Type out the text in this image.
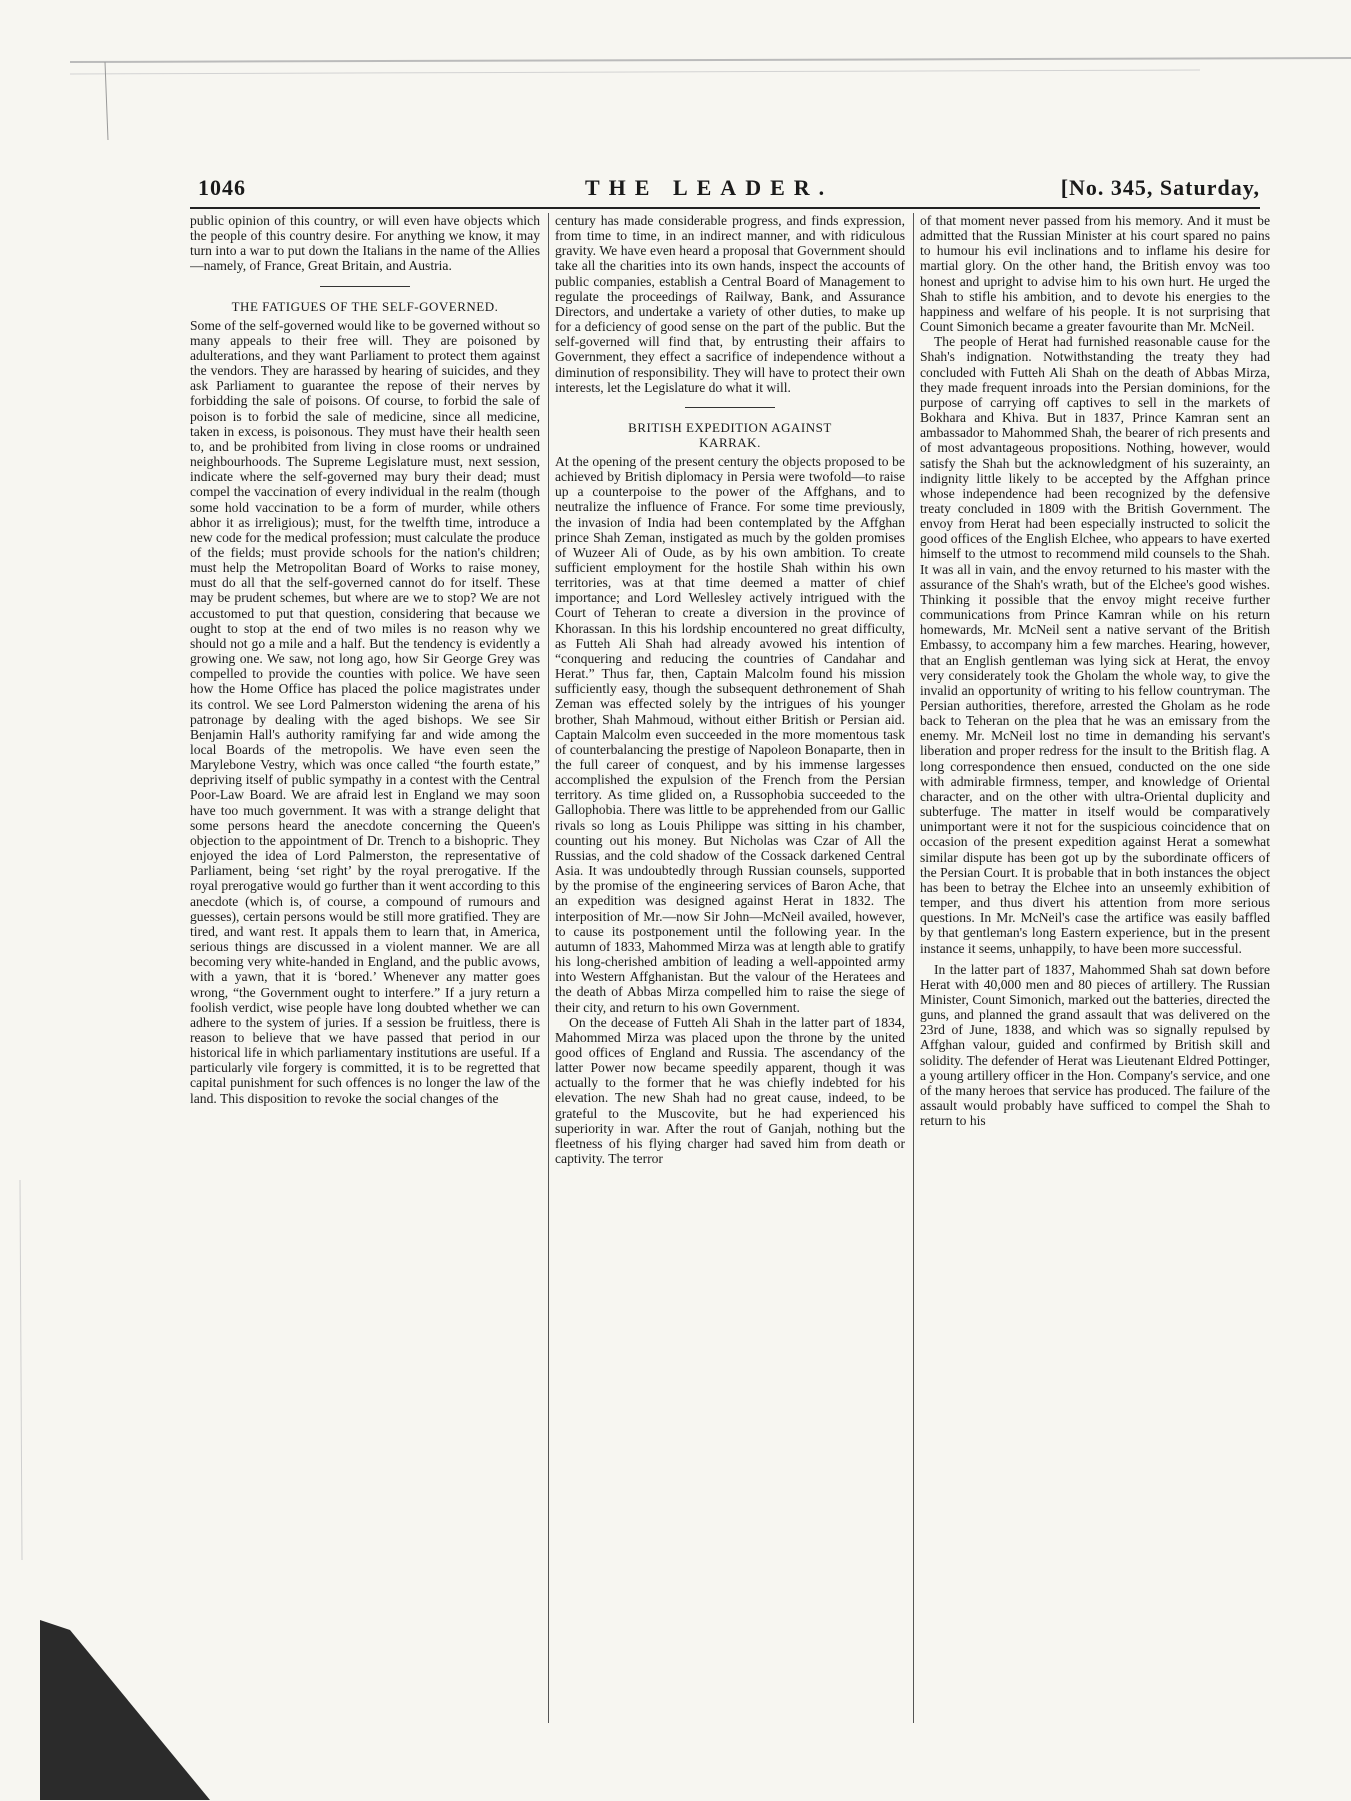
1046	THE LEADER.	[No. 345, Saturday,

public opinion of this country, or will even have objects which the people of this country desire. For anything we know, it may turn into a war to put down the Italians in the name of the Allies—namely, of France, Great Britain, and Austria.

THE FATIGUES OF THE SELF-GOVERNED.

Some of the self-governed would like to be governed without so many appeals to their free will. They are poisoned by adulterations, and they want Parliament to protect them against the vendors. They are harassed by hearing of suicides, and they ask Parliament to guarantee the repose of their nerves by forbidding the sale of poisons. Of course, to forbid the sale of poison is to forbid the sale of medicine, since all medicine, taken in excess, is poisonous. They must have their health seen to, and be prohibited from living in close rooms or undrained neighbourhoods. The Supreme Legislature must, next session, indicate where the self-governed may bury their dead; must compel the vaccination of every individual in the realm (though some hold vaccination to be a form of murder, while others abhor it as irreligious); must, for the twelfth time, introduce a new code for the medical profession; must calculate the produce of the fields; must provide schools for the nation's children; must help the Metropolitan Board of Works to raise money, must do all that the self-governed cannot do for itself. These may be prudent schemes, but where are we to stop? We are not accustomed to put that question, considering that because we ought to stop at the end of two miles is no reason why we should not go a mile and a half. But the tendency is evidently a growing one. We saw, not long ago, how Sir George Grey was compelled to provide the counties with police. We have seen how the Home Office has placed the police magistrates under its control. We see Lord Palmerston widening the arena of his patronage by dealing with the aged bishops. We see Sir Benjamin Hall's authority ramifying far and wide among the local Boards of the metropolis. We have even seen the Marylebone Vestry, which was once called “the fourth estate,” depriving itself of public sympathy in a contest with the Central Poor-Law Board. We are afraid lest in England we may soon have too much government. It was with a strange delight that some persons heard the anecdote concerning the Queen's objection to the appointment of Dr. Trench to a bishopric. They enjoyed the idea of Lord Palmerston, the representative of Parliament, being ‘set right’ by the royal prerogative. If the royal prerogative would go further than it went according to this anecdote (which is, of course, a compound of rumours and guesses), certain persons would be still more gratified. They are tired, and want rest. It appals them to learn that, in America, serious things are discussed in a violent manner. We are all becoming very white-handed in England, and the public avows, with a yawn, that it is ‘bored.’ Whenever any matter goes wrong, “the Government ought to interfere.” If a jury return a foolish verdict, wise people have long doubted whether we can adhere to the system of juries. If a session be fruitless, there is reason to believe that we have passed that period in our historical life in which parliamentary institutions are useful. If a particularly vile forgery is committed, it is to be regretted that capital punishment for such offences is no longer the law of the land. This disposition to revoke the social changes of the

century has made considerable progress, and finds expression, from time to time, in an indirect manner, and with ridiculous gravity. We have even heard a proposal that Government should take all the charities into its own hands, inspect the accounts of public companies, establish a Central Board of Management to regulate the proceedings of Railway, Bank, and Assurance Directors, and undertake a variety of other duties, to make up for a deficiency of good sense on the part of the public. But the self-governed will find that, by entrusting their affairs to Government, they effect a sacrifice of independence without a diminution of responsibility. They will have to protect their own interests, let the Legislature do what it will.

BRITISH EXPEDITION AGAINST
KARRAK.

At the opening of the present century the objects proposed to be achieved by British diplomacy in Persia were twofold—to raise up a counterpoise to the power of the Affghans, and to neutralize the influence of France. For some time previously, the invasion of India had been contemplated by the Affghan prince Shah Zeman, instigated as much by the golden promises of Wuzeer Ali of Oude, as by his own ambition. To create sufficient employment for the hostile Shah within his own territories, was at that time deemed a matter of chief importance; and Lord Wellesley actively intrigued with the Court of Teheran to create a diversion in the province of Khorassan. In this his lordship encountered no great difficulty, as Futteh Ali Shah had already avowed his intention of “conquering and reducing the countries of Candahar and Herat.” Thus far, then, Captain Malcolm found his mission sufficiently easy, though the subsequent dethronement of Shah Zeman was effected solely by the intrigues of his younger brother, Shah Mahmoud, without either British or Persian aid. Captain Malcolm even succeeded in the more momentous task of counterbalancing the prestige of Napoleon Bonaparte, then in the full career of conquest, and by his immense largesses accomplished the expulsion of the French from the Persian territory. As time glided on, a Russophobia succeeded to the Gallophobia. There was little to be apprehended from our Gallic rivals so long as Louis Philippe was sitting in his chamber, counting out his money. But Nicholas was Czar of All the Russias, and the cold shadow of the Cossack darkened Central Asia. It was undoubtedly through Russian counsels, supported by the promise of the engineering services of Baron Ache, that an expedition was designed against Herat in 1832. The interposition of Mr.—now Sir John—McNeil availed, however, to cause its postponement until the following year. In the autumn of 1833, Mahommed Mirza was at length able to gratify his long-cherished ambition of leading a well-appointed army into Western Affghanistan. But the valour of the Heratees and the death of Abbas Mirza compelled him to raise the siege of their city, and return to his own Government.

On the decease of Futteh Ali Shah in the latter part of 1834, Mahommed Mirza was placed upon the throne by the united good offices of England and Russia. The ascendancy of the latter Power now became speedily apparent, though it was actually to the former that he was chiefly indebted for his elevation. The new Shah had no great cause, indeed, to be grateful to the Muscovite, but he had experienced his superiority in war. After the rout of Ganjah, nothing but the fleetness of his flying charger had saved him from death or captivity. The terror

of that moment never passed from his memory. And it must be admitted that the Russian Minister at his court spared no pains to humour his evil inclinations and to inflame his desire for martial glory. On the other hand, the British envoy was too honest and upright to advise him to his own hurt. He urged the Shah to stifle his ambition, and to devote his energies to the happiness and welfare of his people. It is not surprising that Count Simonich became a greater favourite than Mr. McNeil.

The people of Herat had furnished reasonable cause for the Shah's indignation. Notwithstanding the treaty they had concluded with Futteh Ali Shah on the death of Abbas Mirza, they made frequent inroads into the Persian dominions, for the purpose of carrying off captives to sell in the markets of Bokhara and Khiva. But in 1837, Prince Kamran sent an ambassador to Mahommed Shah, the bearer of rich presents and of most advantageous propositions. Nothing, however, would satisfy the Shah but the acknowledgment of his suzerainty, an indignity little likely to be accepted by the Affghan prince whose independence had been recognized by the defensive treaty concluded in 1809 with the British Government. The envoy from Herat had been especially instructed to solicit the good offices of the English Elchee, who appears to have exerted himself to the utmost to recommend mild counsels to the Shah. It was all in vain, and the envoy returned to his master with the assurance of the Shah's wrath, but of the Elchee's good wishes. Thinking it possible that the envoy might receive further communications from Prince Kamran while on his return homewards, Mr. McNeil sent a native servant of the British Embassy, to accompany him a few marches. Hearing, however, that an English gentleman was lying sick at Herat, the envoy very considerately took the Gholam the whole way, to give the invalid an opportunity of writing to his fellow countryman. The Persian authorities, therefore, arrested the Gholam as he rode back to Teheran on the plea that he was an emissary from the enemy. Mr. McNeil lost no time in demanding his servant's liberation and proper redress for the insult to the British flag. A long correspondence then ensued, conducted on the one side with admirable firmness, temper, and knowledge of Oriental character, and on the other with ultra-Oriental duplicity and subterfuge. The matter in itself would be comparatively unimportant were it not for the suspicious coincidence that on occasion of the present expedition against Herat a somewhat similar dispute has been got up by the subordinate officers of the Persian Court. It is probable that in both instances the object has been to betray the Elchee into an unseemly exhibition of temper, and thus divert his attention from more serious questions. In Mr. McNeil's case the artifice was easily baffled by that gentleman's long Eastern experience, but in the present instance it seems, unhappily, to have been more successful.

In the latter part of 1837, Mahommed Shah sat down before Herat with 40,000 men and 80 pieces of artillery. The Russian Minister, Count Simonich, marked out the batteries, directed the guns, and planned the grand assault that was delivered on the 23rd of June, 1838, and which was so signally repulsed by Affghan valour, guided and confirmed by British skill and solidity. The defender of Herat was Lieutenant Eldred Pottinger, a young artillery officer in the Hon. Company's service, and one of the many heroes that service has produced. The failure of the assault would probably have sufficed to compel the Shah to return to his
